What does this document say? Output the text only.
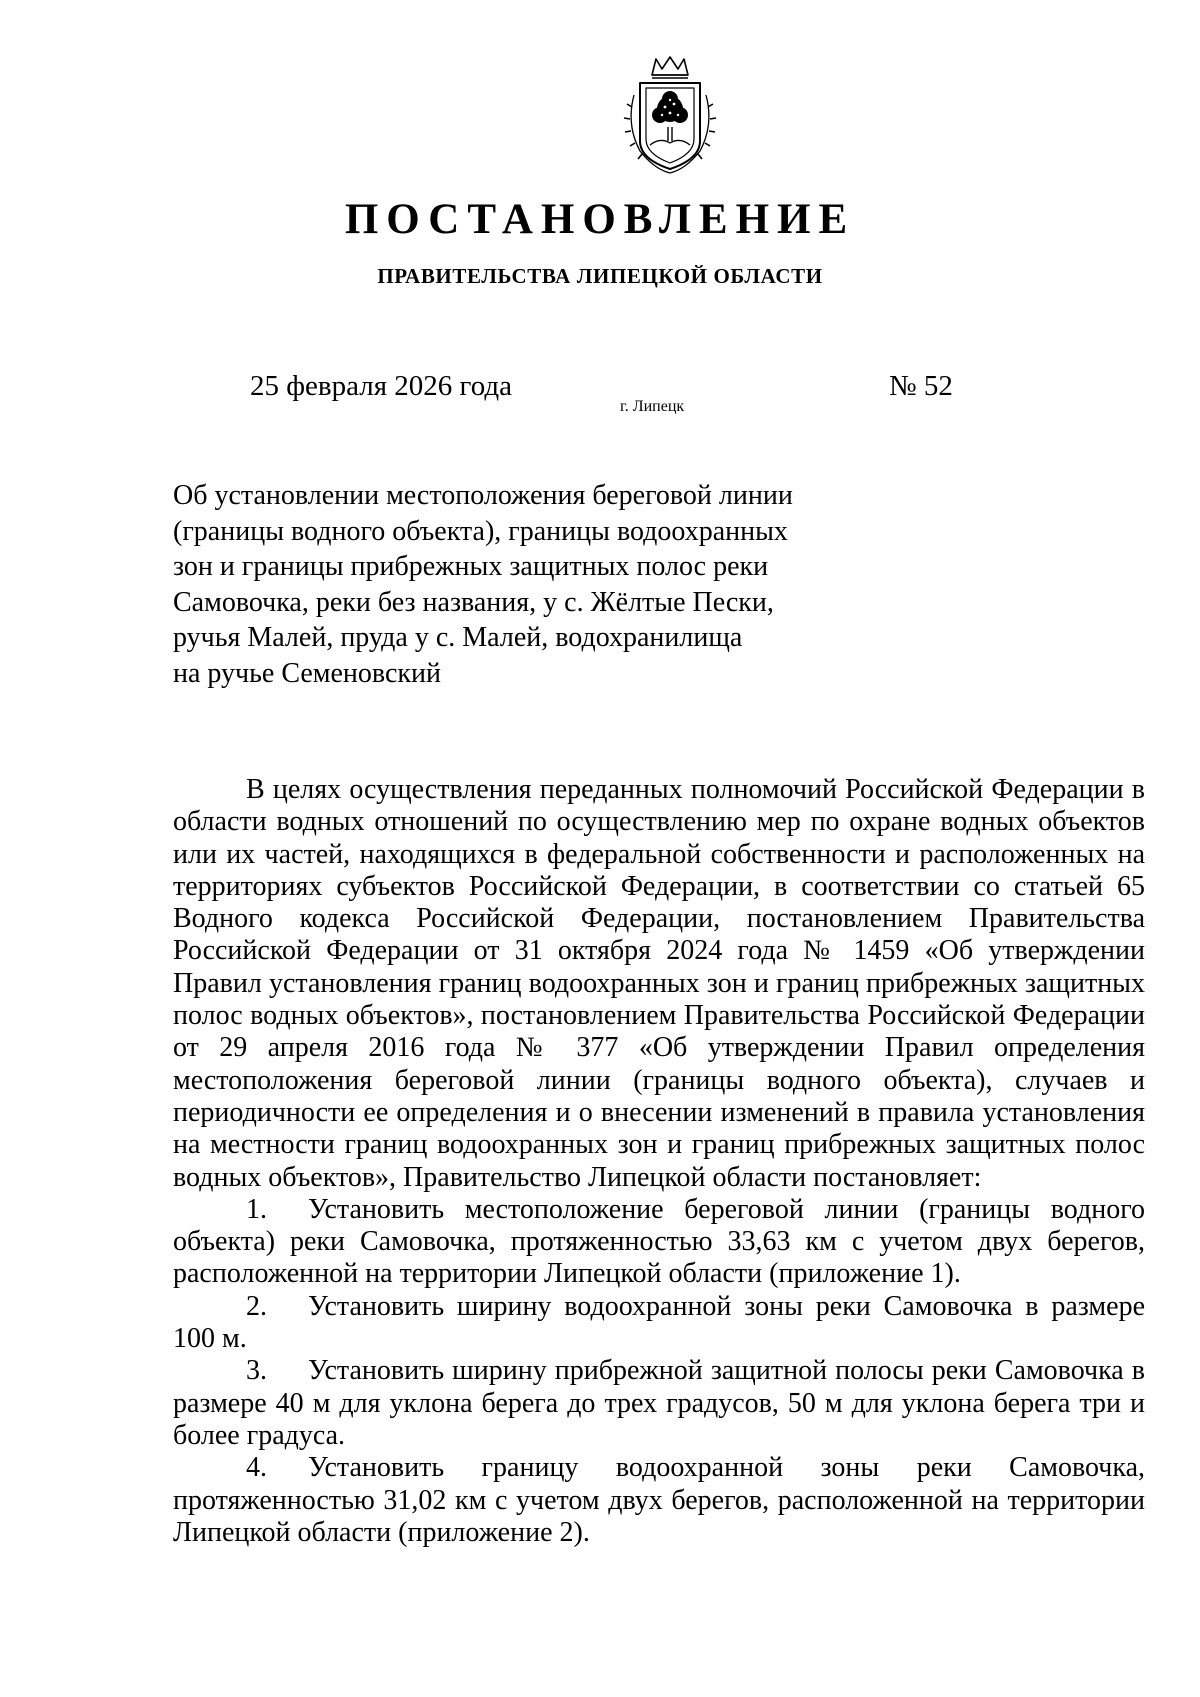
ПОСТАНОВЛЕНИЕ
ПРАВИТЕЛЬСТВА ЛИПЕЦКОЙ ОБЛАСТИ
25 февраля 2026 года
г. Липецк
№ 52
Об установлении местоположения береговой линии
(границы водного объекта), границы водоохранных
зон и границы прибрежных защитных полос реки
Самовочка, реки без названия, у с. Жёлтые Пески,
ручья Малей, пруда у с. Малей, водохранилища
на ручье Семеновский

В целях осуществления переданных полномочий Российской Федерации в области водных отношений по осуществлению мер по охране водных объектов или их частей, находящихся в федеральной собственности и расположенных на территориях субъектов Российской Федерации, в соответствии со статьей 65 Водного кодекса Российской Федерации, постановлением Правительства Российской Федерации от 31 октября 2024 года № 1459 «Об утверждении Правил установления границ водоохранных зон и границ прибрежных защитных полос водных объектов», постановлением Правительства Российской Федерации от 29 апреля 2016 года № 377 «Об утверждении Правил определения местоположения береговой линии (границы водного объекта), случаев и периодичности ее определения и о внесении изменений в правила установления на местности границ водоохранных зон и границ прибрежных защитных полос водных объектов», Правительство Липецкой области постановляет:

1. Установить местоположение береговой линии (границы водного объекта) реки Самовочка, протяженностью 33,63 км с учетом двух берегов, расположенной на территории Липецкой области (приложение 1).

2. Установить ширину водоохранной зоны реки Самовочка в размере 100 м.

3. Установить ширину прибрежной защитной полосы реки Самовочка в размере 40 м для уклона берега до трех градусов, 50 м для уклона берега три и более градуса.

4. Установить границу водоохранной зоны реки Самовочка, протяженностью 31,02 км с учетом двух берегов, расположенной на территории Липецкой области (приложение 2).
